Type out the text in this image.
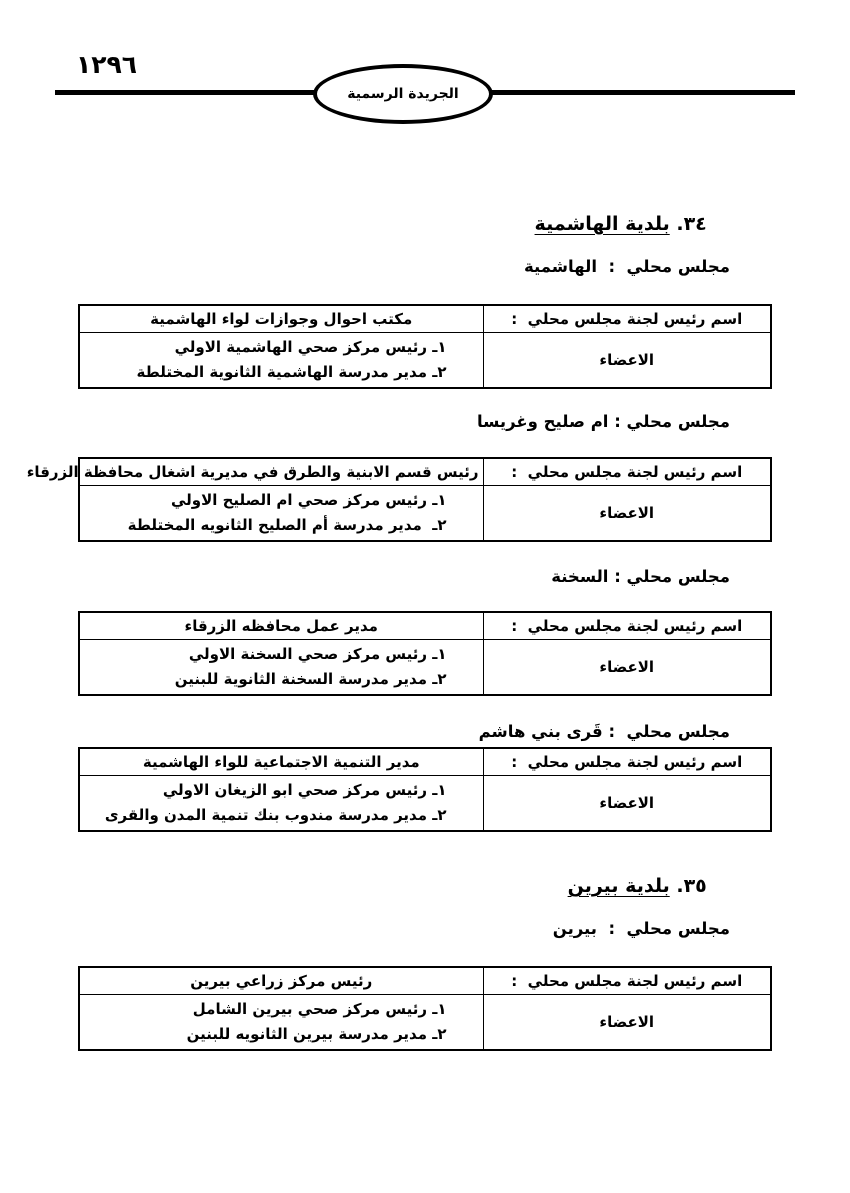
١٢٩٦
الجريدة الرسمية

٣٤. بلدية الهاشمية

مجلس محلي  :  الهاشمية
اسم رئيس لجنة مجلس محلي  :	مكتب احوال وجوازات لواء الهاشمية
الاعضاء	١ـ رئيس مركز صحي الهاشمية الاولي
٢ـ مدير مدرسة الهاشمية الثانوية المختلطة
مجلس محلي : ام صليح وغريسا
اسم رئيس لجنة مجلس محلي  :	رئيس قسم الابنية والطرق في مديرية اشغال محافظة الزرقاء
الاعضاء	١ـ رئيس مركز صحي ام الصليح الاولي
٢ـ  مدير مدرسة أم الصليح الثانويه المختلطة
مجلس محلي : السخنة
اسم رئيس لجنة مجلس محلي  :	مدير عمل محافظه الزرقاء
الاعضاء	١ـ رئيس مركز صحي السخنة الاولي
٢ـ مدير مدرسة السخنة الثانوية للبنين
مجلس محلي  : قَرى بني هاشم
اسم رئيس لجنة مجلس محلي  :	مدير التنمية الاجتماعية للواء الهاشمية
الاعضاء	١ـ رئيس مركز صحي ابو الزيغان الاولي
٢ـ مدير مدرسة مندوب بنك تنمية المدن والقرى

٣٥. بلدية بيرين

مجلس محلي  :  بيرين
اسم رئيس لجنة مجلس محلي  :	رئيس مركز زراعي بيرين
الاعضاء	١ـ رئيس مركز صحي بيرين الشامل
٢ـ مدير مدرسة بيرين الثانويه للبنين
